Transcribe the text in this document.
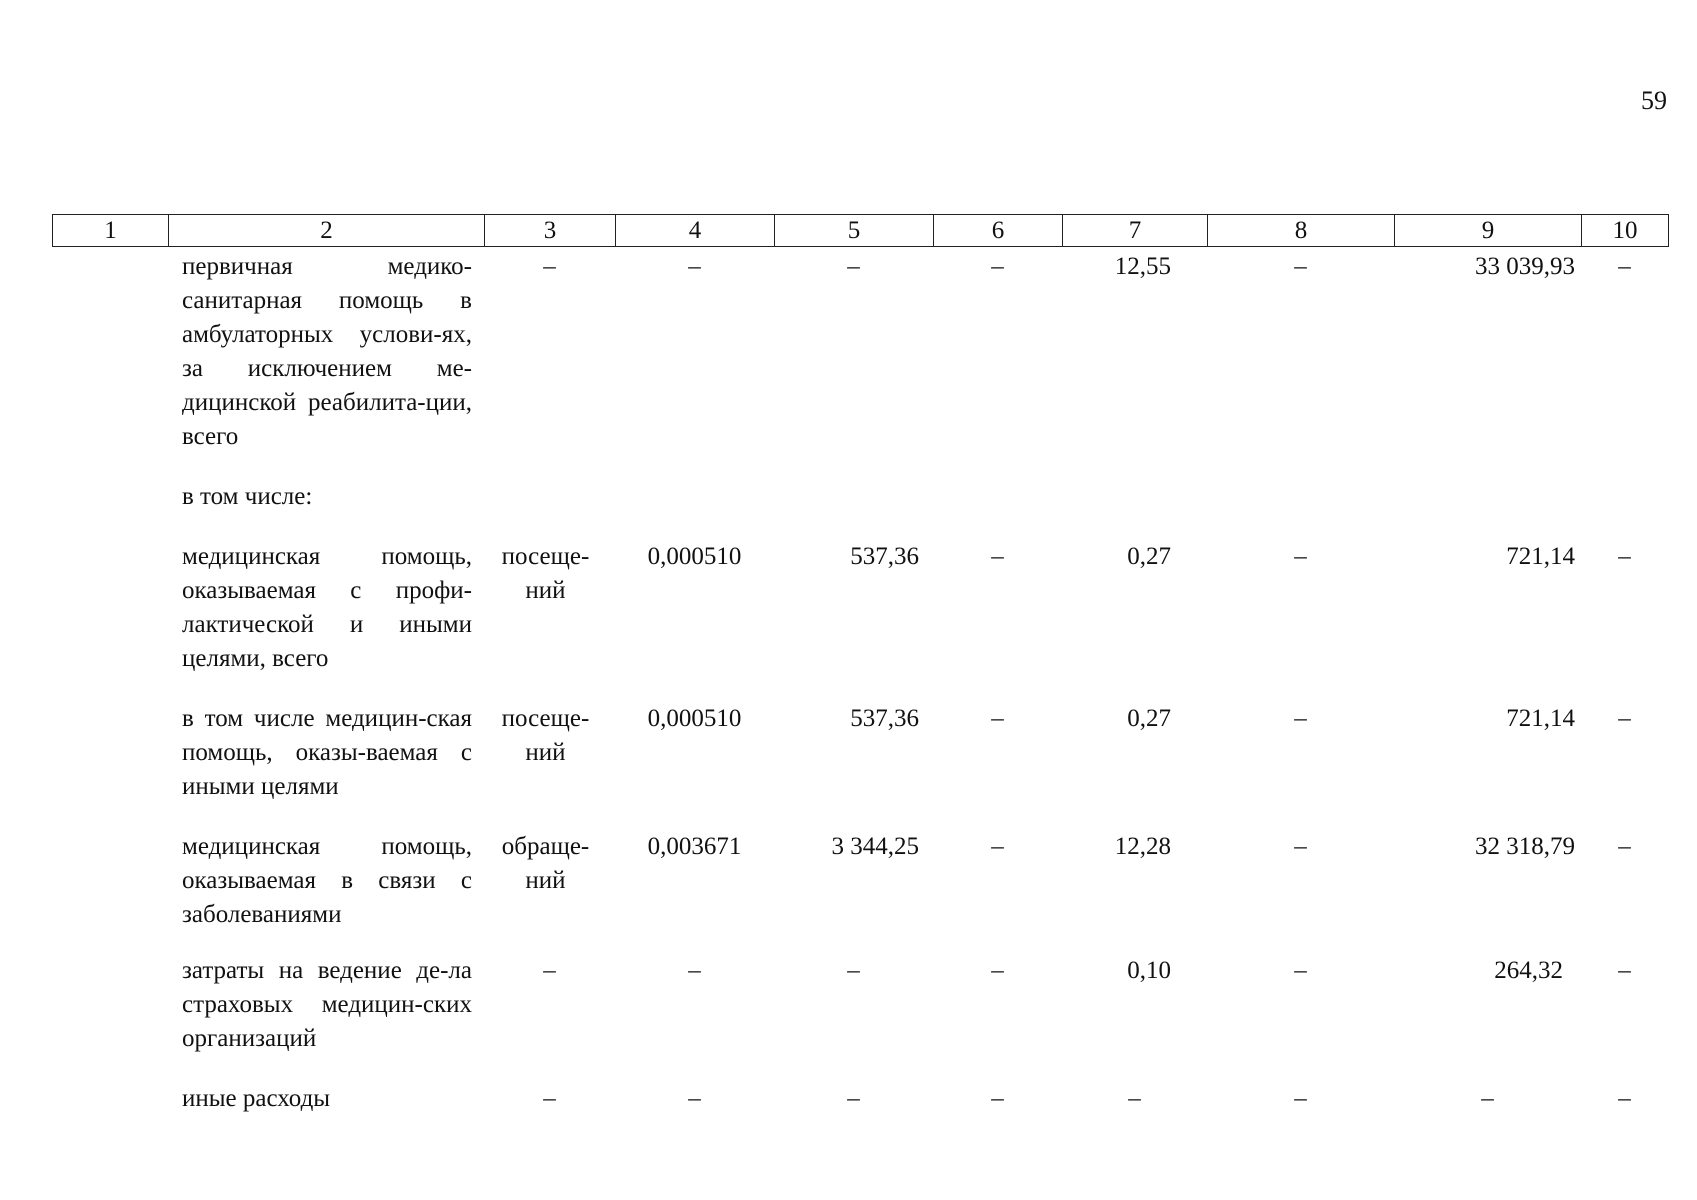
59
1	2	3	4	5	6	7	8	9	10
	первичная медико-санитарная помощь в амбулаторных услови-ях, за исключением ме-дицинской реабилита-ции, всего	–	–	–	–	12,55	–	33 039,93	–

	в том числе:								

	медицинская помощь, оказываемая с профи-лактической и иными целями, всего	посеще-ний	0,000510	537,36	–	0,27	–	721,14	–

	в том числе медицин-ская помощь, оказы-ваемая с иными целями	посеще-ний	0,000510	537,36	–	0,27	–	721,14	–

	медицинская помощь, оказываемая в связи с заболеваниями	обраще-ний	0,003671	3 344,25	–	12,28	–	32 318,79	–

	затраты на ведение де-ла страховых медицин-ских организаций	–	–	–	–	0,10	–	264,32	–

	иные расходы	–	–	–	–	–	–	–	–
